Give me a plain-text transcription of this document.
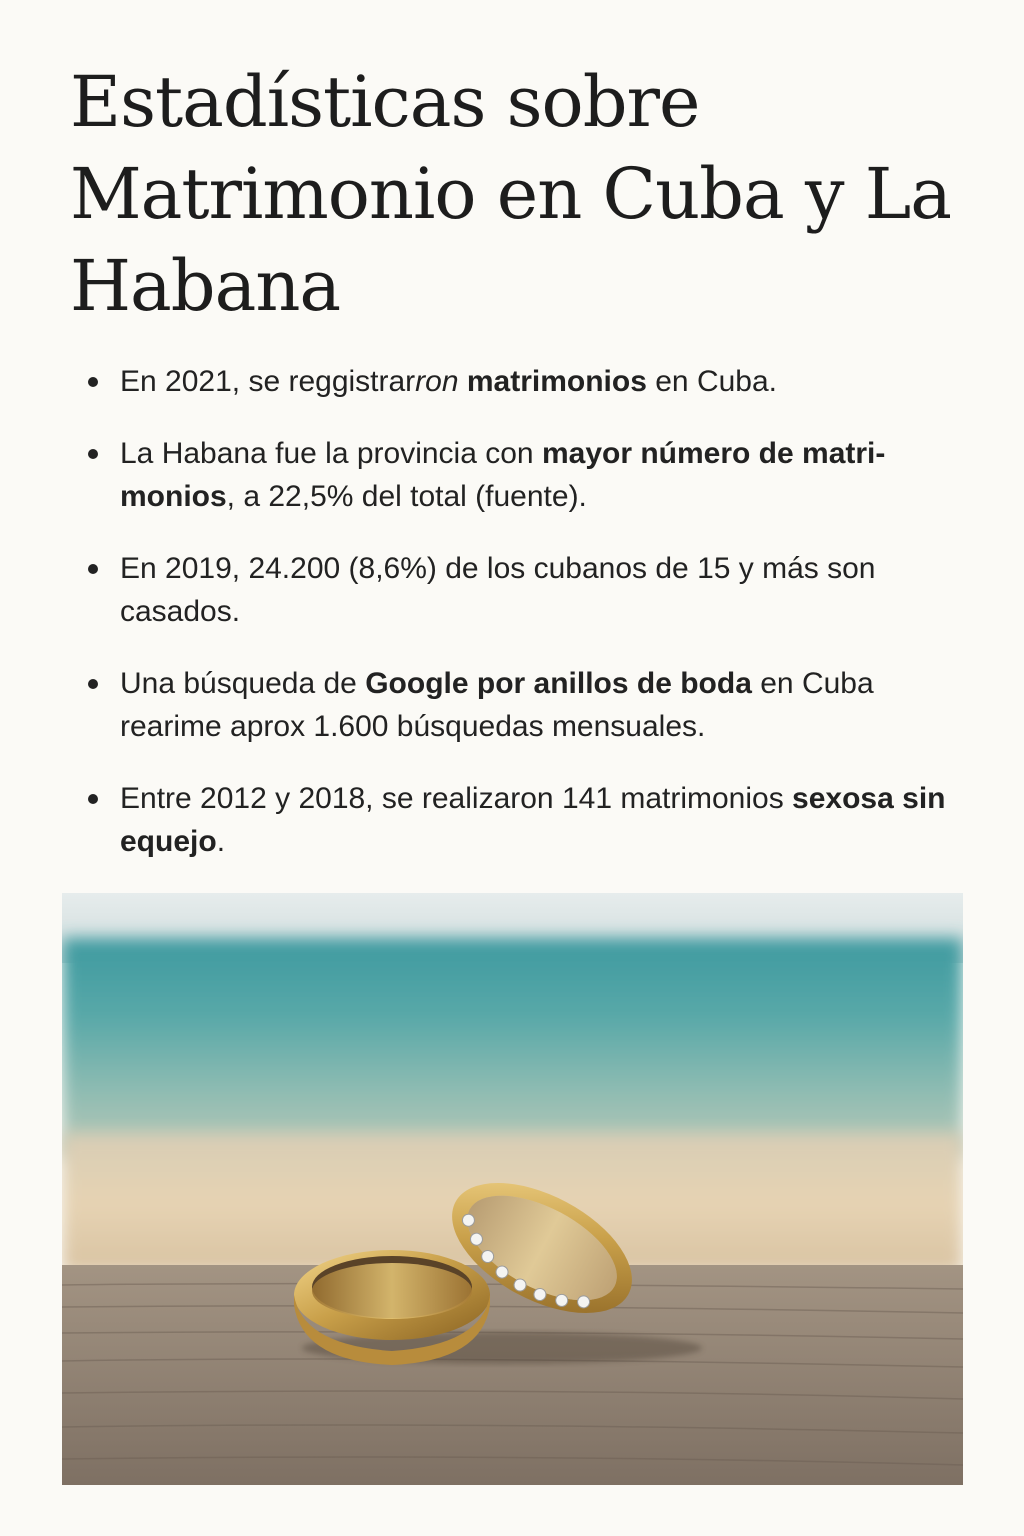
Estadísticas sobre Matrimonio en Cuba y La Habana
En 2021, se reggistrarron matrimonios en Cuba.
La Habana fue la provincia con mayor número de matri-monios, a 22,5% del total (fuente).
En 2019, 24.200 (8,6%) de los cubanos de 15 y más son casados.
Una búsqueda de Google por anillos de boda en Cuba rearime aprox 1.600 búsquedas mensuales.
Entre 2012 y 2018, se realizaron 141 matrimonios sexosa sin equejo.
